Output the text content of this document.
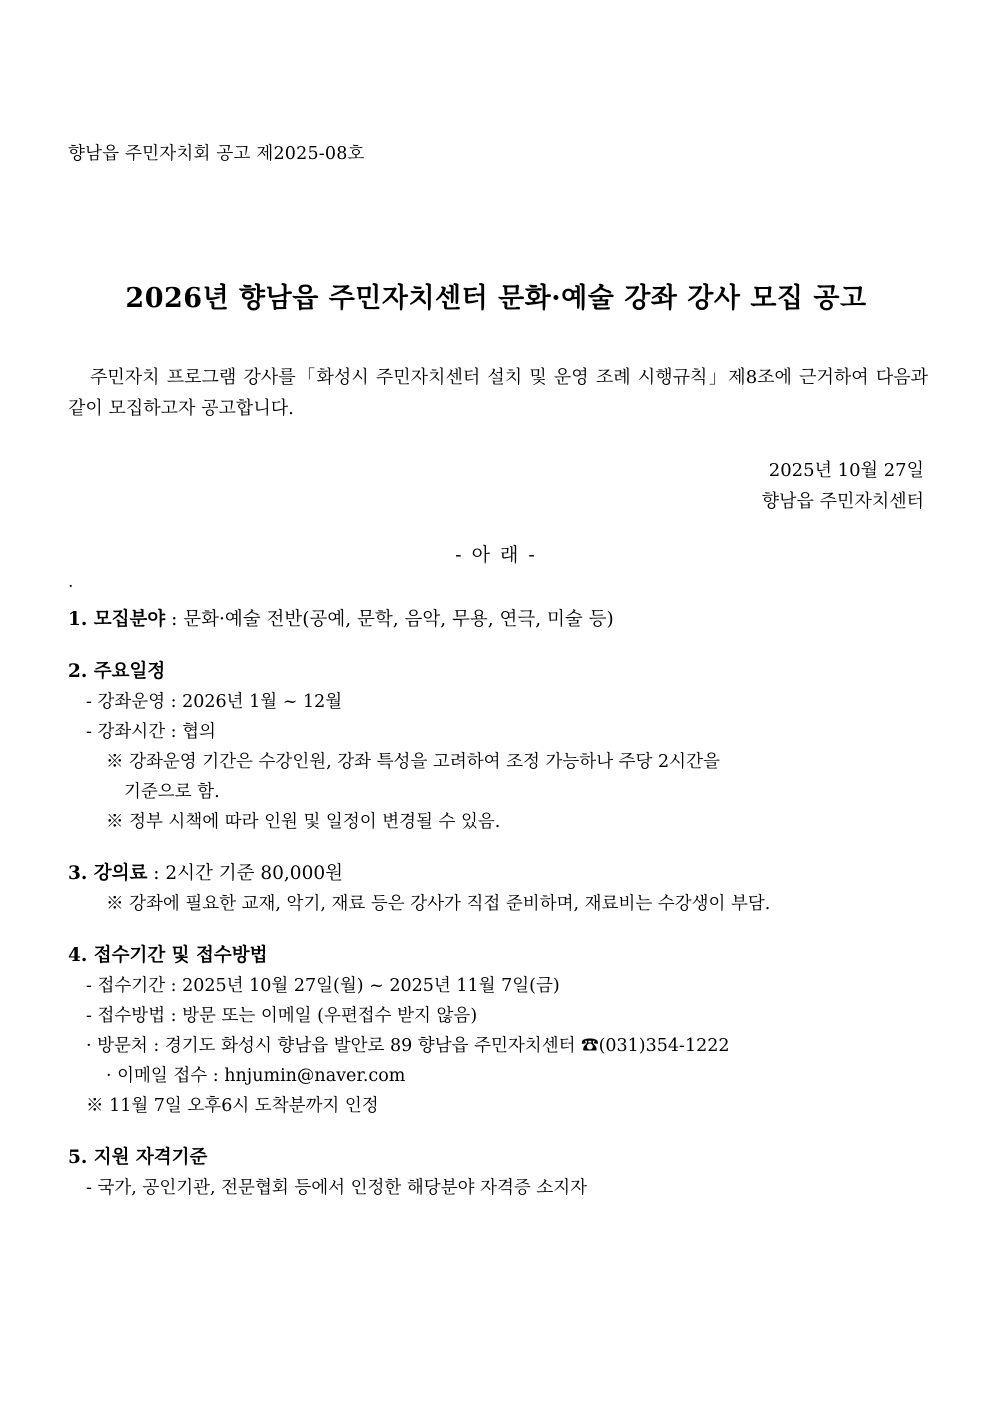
향남읍 주민자치회 공고 제2025-08호
2026년 향남읍 주민자치센터 문화·예술 강좌 강사 모집 공고
주민자치 프로그램 강사를「화성시 주민자치센터 설치 및 운영 조례 시행규칙」제8조에 근거하여 다음과 같이 모집하고자 공고합니다.
2025년 10월 27일
향남읍 주민자치센터
- 아 래 -
.
1. 모집분야 : 문화·예술 전반(공예, 문학, 음악, 무용, 연극, 미술 등)
2. 주요일정
- 강좌운영 : 2026년 1월 ~ 12월
- 강좌시간 : 협의
※ 강좌운영 기간은 수강인원, 강좌 특성을 고려하여 조정 가능하나 주당 2시간을
기준으로 함.
※ 정부 시책에 따라 인원 및 일정이 변경될 수 있음.
3. 강의료 : 2시간 기준 80,000원
※ 강좌에 필요한 교재, 악기, 재료 등은 강사가 직접 준비하며, 재료비는 수강생이 부담.
4. 접수기간 및 접수방법
- 접수기간 : 2025년 10월 27일(월) ~ 2025년 11월 7일(금)
- 접수방법 : 방문 또는 이메일 (우편접수 받지 않음)
· 방문처 : 경기도 화성시 향남읍 발안로 89 향남읍 주민자치센터 ☎(031)354-1222
· 이메일 접수 : hnjumin@naver.com
※ 11월 7일 오후6시 도착분까지 인정
5. 지원 자격기준
- 국가, 공인기관, 전문협회 등에서 인정한 해당분야 자격증 소지자
